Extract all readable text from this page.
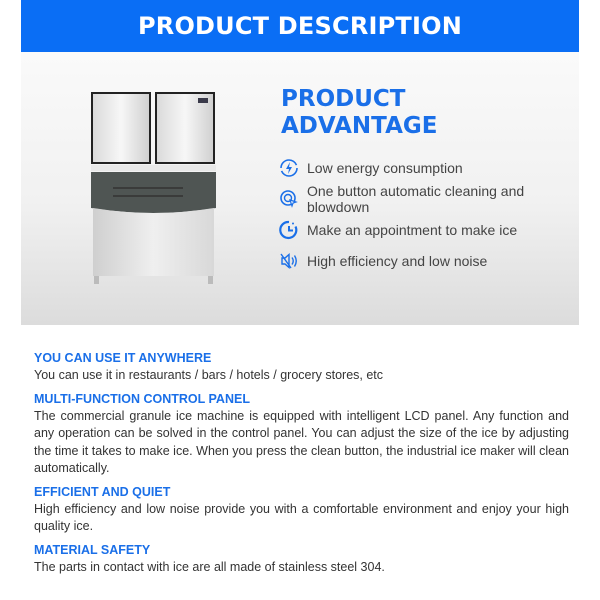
PRODUCT DESCRIPTION
PRODUCT
ADVANTAGE
Low energy consumption
One button automatic cleaning and blowdown
Make an appointment to make ice
High efficiency and low noise
YOU CAN USE IT ANYWHERE

You can use it in restaurants / bars / hotels / grocery stores, etc

MULTI-FUNCTION CONTROL PANEL

The commercial granule ice machine is equipped with intelligent LCD panel. Any function and any operation can be solved in the control panel. You can adjust the size of the ice by adjusting the time it takes to make ice. When you press the clean button, the industrial ice maker will clean automatically.

EFFICIENT AND QUIET

High efficiency and low noise provide you with a comfortable environment and enjoy your high quality ice.

MATERIAL SAFETY

The parts in contact with ice are all made of stainless steel 304.
